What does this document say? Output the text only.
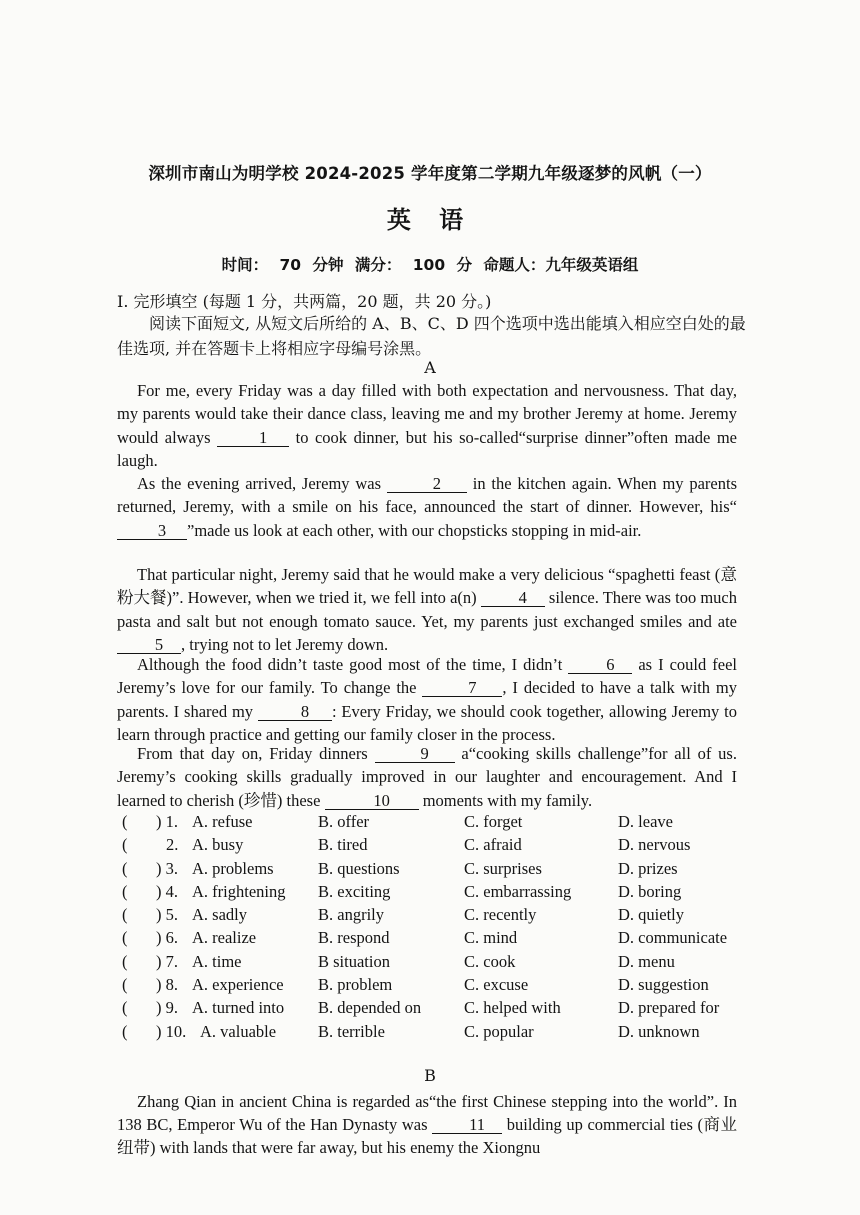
深圳市南山为明学校 2024-2025 学年度第二学期九年级逐梦的风帆（一）
英 语
时间： 70 分钟 满分： 100 分 命题人：九年级英语组
I. 完形填空 (每题 1 分，共两篇，20 题，共 20 分。)
阅读下面短文, 从短文后所给的 A、B、C、D 四个选项中选出能填入相应空白处的最佳选项, 并在答题卡上将相应字母编号涂黑。
A
For me, every Friday was a day filled with both expectation and nervousness. That day, my parents would take their dance class, leaving me and my brother Jeremy at home. Jeremy would always	1 to cook dinner, but his so-called“surprise dinner”often made me laugh.
As the evening arrived, Jeremy was	2 in the kitchen again. When my parents returned, Jeremy, with a smile on his face, announced the start of dinner. However, his“3 ”made us look at each other, with our chopsticks stopping in mid-air.
That particular night, Jeremy said that he would make a very delicious “spaghetti feast (意粉大餐)”. However, when we tried it, we fell into a(n)	4 silence. There was too much pasta and salt but not enough tomato sauce. Yet, my parents just exchanged smiles and ate 5 , trying not to let Jeremy down.
Although the food didn’t taste good most of the time, I didn’t	6 as I could feel Jeremy’s love for our family. To change the	7 , I decided to have a talk with my parents. I shared my	8 : Every Friday, we should cook together, allowing Jeremy to learn through practice and getting our family closer in the process.
From that day on, Friday dinners	9 a“cooking skills challenge”for all of us. Jeremy’s cooking skills gradually improved in our laughter and encouragement. And I learned to cherish (珍惜) these	10 moments with my family.
( ) 1. A. refuse	B. offer	C. forget	D. leave
( 2. A. busy	B. tired	C. afraid	D. nervous
( ) 3. A. problems	B. questions	C. surprises	D. prizes
( ) 4. A. frightening B. exciting	C. embarrassing	D. boring
( ) 5. A. sadly	B. angrily	C. recently	D. quietly
( ) 6. A. realize	B. respond	C. mind	D. communicate
( ) 7. A. time	B situation	C. cook	D. menu
( ) 8. A. experience B. problem	C. excuse	D. suggestion
( ) 9. A. turned into B. depended on	C. helped with	D. prepared for
( ) 10. A. valuable	B. terrible	C. popular	D. unknown
B
Zhang Qian in ancient China is regarded as“the first Chinese stepping into the world”. In 138 BC, Emperor Wu of the Han Dynasty was	11 building up commercial ties (商业纽带) with lands that were far away, but his enemy the Xiongnu
